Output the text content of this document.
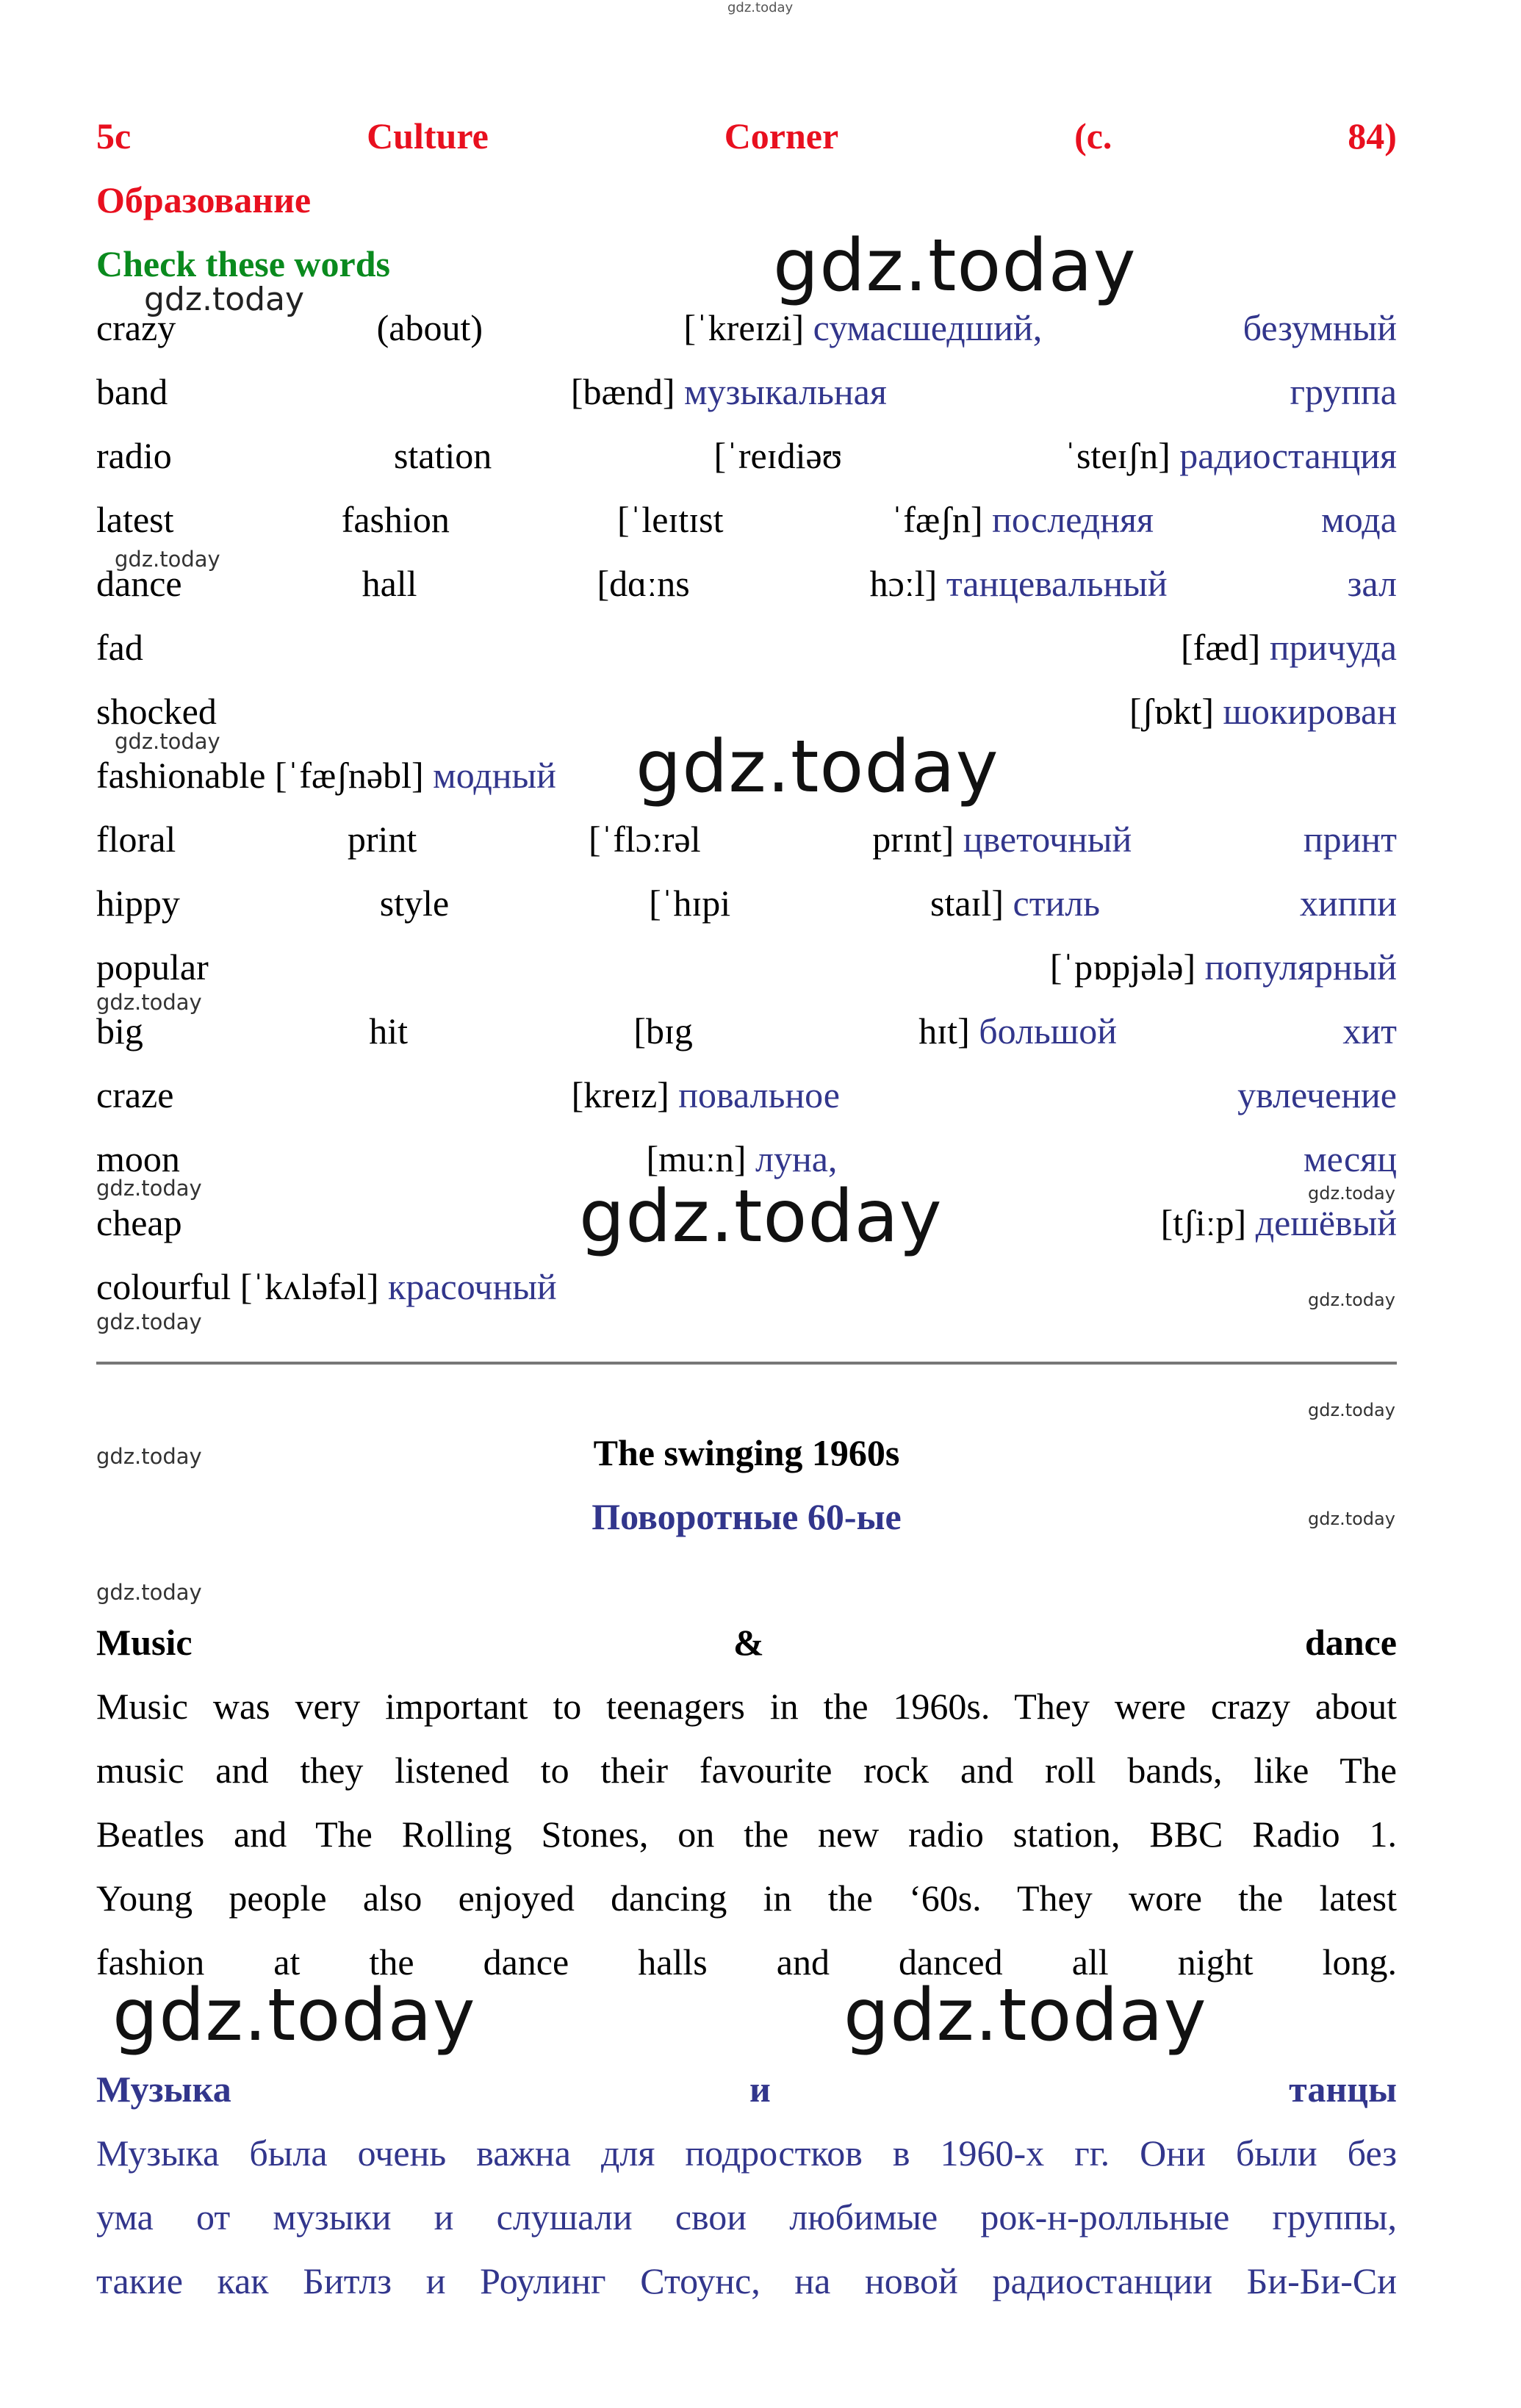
gdz.today
5c	Culture	Corner	(c.	84)
Образование
Check these words
crazy	(about)	[ˈkreɪzi] сумасшедший,	безумный
band	[bænd] музыкальная	группа
radio	station	[ˈreɪdiəʊ	ˈsteɪʃn] радиостанция
latest	fashion	[ˈleɪtɪst	ˈfæʃn] последняя	мода
dance	hall	[dɑːns	hɔːl] танцевальный	зал
fad	[fæd] причуда
shocked	[ʃɒkt] шокирован
fashionable [ˈfæʃnəbl] модный
floral	print	[ˈflɔːrəl	prɪnt] цветочный	принт
hippy	style	[ˈhɪpi	staɪl] стиль	хиппи
popular	[ˈpɒpjələ] популярный
big	hit	[bɪg	hɪt] большой	хит
craze	[kreɪz] повальное	увлечение
moon	[muːn] луна,	месяц
cheap	[tʃiːp] дешёвый
colourful [ˈkʌləfəl] красочный
The swinging 1960s
Поворотные 60-ые
Music	&	dance
Music was very important to teenagers in the 1960s. They were crazy about
music and they listened to their favourite rock and roll bands, like The
Beatles and The Rolling Stones, on the new radio station, BBC Radio 1.
Young people also enjoyed dancing in the ‘60s. They wore the latest
fashion at the dance halls and danced all night long.
Музыка	и	танцы
Музыка была очень важна для подростков в 1960-х гг. Они были без
ума от музыки и слушали свои любимые рок-н-ролльные группы,
такие как Битлз и Роулинг Стоунс, на новой радиостанции Би-Би-Си
gdz.today
gdz.today
gdz.today
gdz.today	gdz.today
gdz.today
gdz.today
gdz.today	gdz.today
gdz.today
gdz.today
gdz.today
gdz.today
gdz.today
gdz.today
gdz.today	gdz.today
